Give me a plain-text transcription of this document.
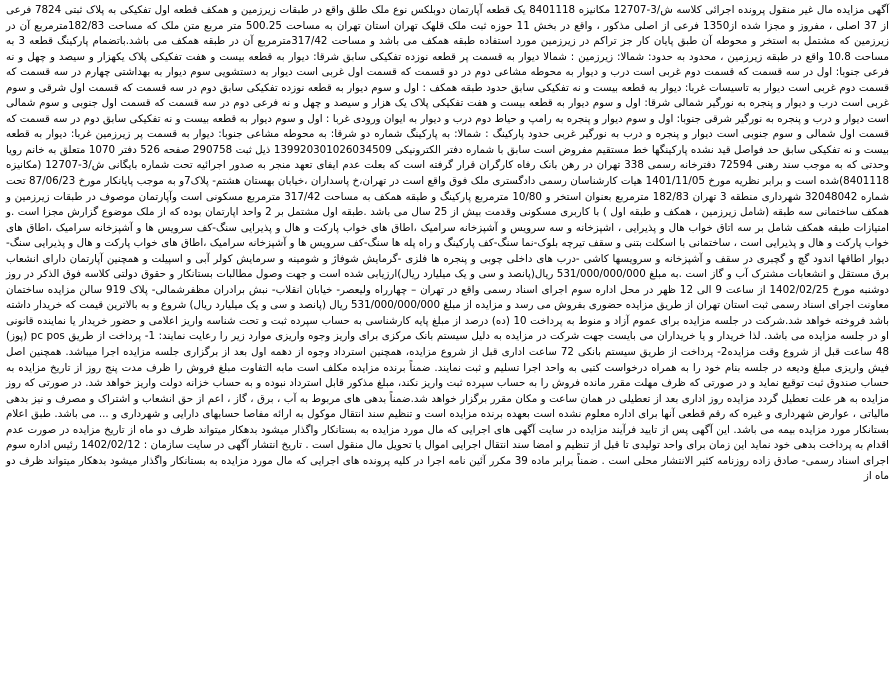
آگهی مزایده مال غیر منقول پرونده اجرائی کلاسه ش/3-12707 مکانیزه 8401118 یک قطعه آپارتمان دوبلکس نوع ملک طلق واقع در طبقات زیرزمین و همکف قطعه اول تفکیکی به پلاک ثبتی 7824 فرعی از 37 اصلی ، مفروز و مجزا شده از1350 فرعی از اصلی مذکور ، واقع در بخش 11 حوزه ثبت ملک قلهک تهران استان تهران به مساحت 500.25 متر مربع متن ملک که مساحت 182/83مترمربع آن در زیرزمین که مشتمل به استخر و محوطه آن طبق پایان کار جز تراکم در زیرزمین مورد استفاده طبقه همکف می باشد و مساحت 317/42مترمربع آن در طبقه همکف می باشد.باتضمام پارکینگ قطعه 3 به مساحت 10.8 واقع در طبقه زیرزمین ، محدود به حدود: شمالا: زیرزمین : شمالا دیوار به قسمت پر قطعه نوزده تفکیکی سابق شرقا: دیوار به قطعه بیست و هفت تفکیکی پلاک یکهزار و سیصد و چهل و نه فرعی جنوبا: اول در سه قسمت که قسمت دوم غربی است درب و دیوار به محوطه مشاعی دوم در دو قسمت که قسمت اول غربی است دیوار به دستشویی سوم دیوار به بهداشتی چهارم در سه قسمت که قسمت دوم غربی است دیوار به تاسیسات غربا: دیوار به قطعه بیست و نه تفکیکی سابق حدود طبقه همکف : اول و سوم دیوار به قطعه نوزده تفکیکی سابق دوم در سه قسمت که قسمت اول شرقی و سوم غربی است درب و دیوار و پنجره به نورگیر شمالی شرقا: اول و سوم دیوار به قطعه بیست و هفت تفکیکی پلاک یک هزار و سیصد و چهل و نه فرعی دوم در سه قسمت که قسمت اول جنوبی و سوم شمالی است دیوار و درب و پنجره به نورگیر شرقی جنوبا: اول و سوم دیوار و پنجره به رامپ و حیاط دوم درب و دیوار به ایوان ورودی غربا : اول و سوم دیوار به قطعه بیست و نه تفکیکی سابق دوم در سه قسمت که قسمت اول شمالی و سوم جنوبی است دیوار و پنجره و درب به نورگیر غربی حدود پارکینگ : شمالا: به پارکینگ شماره دو شرقا: به محوطه مشاعی جنوبا: دیوار به قسمت پر زیرزمین غربا: دیوار به قطعه بیست و نه تفکیکی سابق حد فواصل قید نشده پارکینگها خط مستقیم مفروض است سابق با شماره دفتر الکترونیکی 139920301026034509 ذیل ثبت 290758 صفحه 526 دفتر 1070 متعلق به خانم رویا وحدتی که به موجب سند رهنی 72594 دفترخانه رسمی 338 تهران در رهن بانک رفاه کارگران قرار گرفته است که بعلت عدم ایفای تعهد منجر به صدور اجرائیه تحت شماره بایگانی ش/3-12707 (مکانیزه 8401118)شده است و برابر نظریه مورخ 1401/11/05 هیات کارشناسان رسمی دادگستری ملک فوق واقع است در تهران،خ پاسداران ،خیابان بهستان هشتم- پلاک7و به موجب پایانکار مورخ 87/06/23 تحت شماره 32048042 شهرداری منطقه 3 تهران 182/83 مترمربع بعنوان استخر و 10/80 مترمربع پارکینگ و طبقه همکف به مساحت 317/42 مترمربع مسکونی است وآپارتمان موصوف در طبقات زیرزمین و همکف ساختمانی سه طبقه (شامل زیرزمین ، همکف و طبقه اول ) با کاربری مسکونی وقدمت بیش از 25 سال می باشد .طبقه اول مشتمل بر 2 واحد اپارتمان بوده که از ملک موضوع گزارش مجزا است .و امتیازات طبقه همکف شامل بر سه اتاق خواب هال و پذیرایی ، اشپزخانه و سه سرویس و آشپزخانه سرامیک ،اطاق های خواب پارکت و هال و پذیرایی سنگ-کف سرویس ها و آشپزخانه سرامیک ،اطاق های خواب پارکت و هال و پذیرایی است ، ساختمانی با اسکلت بتنی و سقف تیرچه بلوک-نما سنگ-کف پارکینگ و راه پله ها سنگ-کف سرویس ها و آشپزخانه سرامیک ،اطاق های خواب پارکت و هال و پذیرایی سنگ-دیوار اطاقها اندود گچ و گچبری در سقف و آشپزخانه و سرویسها کاشی -درب های داخلی چوبی و پنجره ها فلزی -گرمایش شوفاژ و شومینه و سرمایش کولر آبی و اسپیلت و همچنین آپارتمان دارای انشعاب برق مستقل و انشعابات مشترک آب و گاز است .به مبلغ 531/000/000/000 ریال(پانصد و سی و یک میلیارد ریال)ارزیابی شده است و جهت وصول مطالبات بستانکار و حقوق دولتی کلاسه فوق الذکر در روز دوشنبه مورخ 1402/02/25 از ساعت 9 الی 12 ظهر در محل اداره سوم اجرای اسناد رسمی واقع در تهران – چهارراه ولیعصر- خیابان انقلاب- نبش برادران مظفرشمالی- پلاک 919 سالن مزایده ساختمان معاونت اجرای اسناد رسمی ثبت استان تهران از طریق مزایده حضوری بفروش می رسد و مزایده از مبلغ 531/000/000/000 ریال (پانصد و سی و یک میلیارد ریال) شروع و به بالاترین قیمت که خریدار داشته باشد فروخته خواهد شد.شرکت در جلسه مزایده برای عموم آزاد و منوط به پرداخت 10 (ده) درصد از مبلغ پایه کارشناسی به حساب سپرده ثبت و تحت شناسه واریز اعلامی و حضور خریدار یا نماینده قانونی او در جلسه مزایده می باشد. لذا خریدار و یا خریداران می بایست جهت شرکت در مزایده به دلیل سیستم بانک مرکزی برای واریز وجوه واریزی موارد زیر را رعایت نمایند: 1- پرداخت از طریق pc pos (پوز) 48 ساعت قبل از شروع وقت مزایده2- پرداخت از طریق سیستم بانکی 72 ساعت اداری قبل از شروع مزایده، همچنین استرداد وجوه از دهمه اول بعد از برگزاری جلسه مزایده اجرا میباشد. همچنین اصل فیش واریزی مبلغ ودیعه در جلسه بنام خود را به همراه درخواست کتبی به واحد اجرا تسلیم و ثبت نمایند. ضمناً برنده مزایده مکلف است مابه التفاوت مبلغ فروش را ظرف مدت پنج روز از تاریخ مزایده به حساب صندوق ثبت توقیع نماید و در صورتی که ظرف مهلت مقرر مانده فروش را به حساب سپرده ثبت واریز نکند، مبلغ مذکور قابل استرداد نبوده و به حساب خزانه دولت واریز خواهد شد. در صورتی که روز مزایده به هر علت تعطیل گردد مزایده روز اداری بعد از تعطیلی در همان ساعت و مکان مقرر برگزار خواهد شد.ضمناً بدهی های مربوط به آب ، برق ، گاز ، اعم از حق انشعاب و اشتراک و مصرف و نیز بدهی مالیاتی ، عوارض شهرداری و غیره که رقم قطعی آنها برای اداره معلوم نشده است بعهده برنده مزایده است و تنظیم سند انتقال موکول به ارائه مفاصا حسابهای دارایی و شهرداری و ... می باشد. طبق اعلام بستانکار مورد مزایده بیمه می باشد. این آگهی پس از تایید فرآیند مزایده در سایت آگهی های اجرایی که مال مورد مزایده به بستانکار واگذار میشود بدهکار میتواند ظرف دو ماه از تاریخ مزایده در صورت عدم اقدام به پرداخت بدهی خود نماید این زمان برای واحد تولیدی تا قبل از تنظیم و امضا سند انتقال اجرایی اموال یا تحویل مال منقول است . تاریخ انتشار آگهی در سایت سازمان : 1402/02/12 رئیس اداره سوم اجرای اسناد رسمی- صادق زاده روزنامه کثیر الانتشار محلی است . ضمناً برابر ماده 39 مکرر آئین نامه اجرا در کلیه پرونده های اجرایی که مال مورد مزایده به بستانکار واگذار میشود بدهکار میتواند ظرف دو ماه از
